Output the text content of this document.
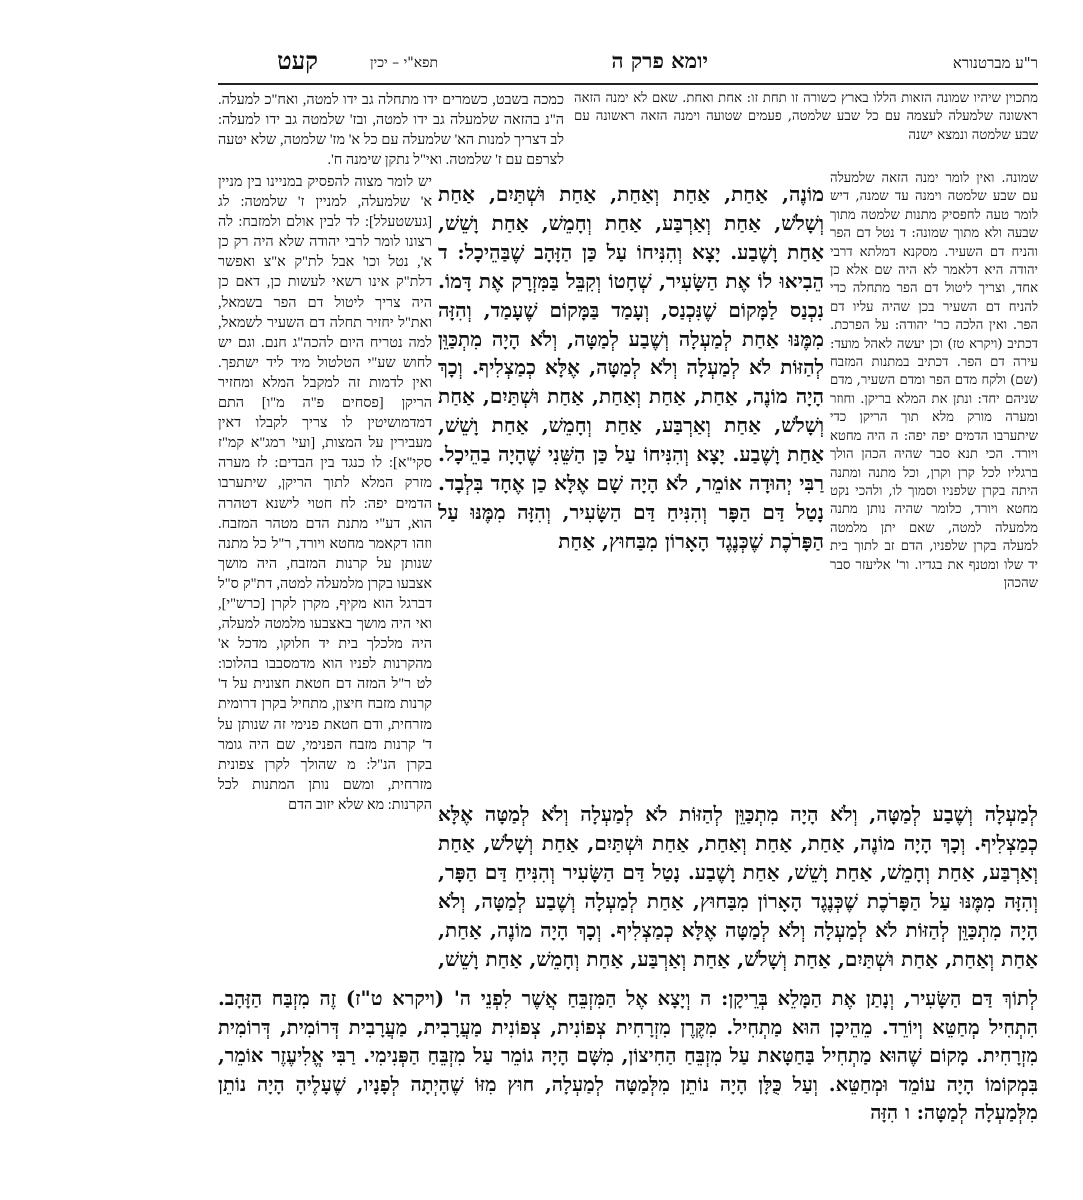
ר"ע מברטנורא
יומא פרק ה
תפא"י – יכין
קעט

מתכוין שיהיו שמונה הזאות הללו בארץ כשורה זו תחת זו: אחת ואחת. שאם לא ימנה הזאה ראשונה שלמעלה לעצמה עם כל שבע שלמטה, פעמים שטועה וימנה הזאה ראשונה עם שבע שלמטה ונמצא ישנה

שמונה. ואין לומר ימנה הזאה שלמעלה עם שבע שלמטה וימנה עד שמנה, דיש לומר טעה לחפסיק מתנות שלמטה מתוך שבעה ולא מתוך שמונה: ד נטל דם הפר והניח דם השעיר. מסקנא דמלתא דרבי יהודה היא דלאמר לא היה שם אלא כן אחד, וצריך ליטול דם הפר מתחלה כדי להניח דם השעיר בכן שהיה עליו דם הפר. ואין הלכה כר' יהודה: על הפרכת. דכתיב (ויקרא טז) וכן יעשה לאהל מועד: עירה דם הפר. דכתיב במתנות המזבח (שם) ולקח מדם הפר ומדם השעיר, מדם שניהם יחד: ונתן את המלא בריקן. וחוזר ומערה מורק מלא תוך הריקן כדי שיתערבו הדמים יפה יפה: ה היה מחטא ויורד. הכי תנא סבר שהיה הכהן הולך ברגליו לכל קרן וקרן, וכל מתנה ומתנה היתה בקרן שלפניו וסמוך לו, ולהכי נקט מחטא ויורד, כלומר שהיה נותן מתנה מלמעלה למטה, שאם יתן מלמטה למעלה בקרן שלפניו, הדם זב לתוך בית יד שלו ומטנף את בגדיו. ור' אליעזר סבר שהכהן

כמכה בשבט, כשמרים ידו מתחלה גב ידו למטה, ואח"כ למעלה. ה"נ בהזאה שלמעלה גב ידו למטה, ובז' שלמטה גב ידו למעלה: לב דצריך למנות הא' שלמעלה עם כל א' מז' שלמטה, שלא יטעה לצרפם עם ז' שלמטה. ואי"ל נתקן שימנה ח'.

יש לומר מצוה להפסיק במניינו בין מניין א' שלמעלה, למניין ז' שלמטה: לג [געשטעלל]: לד לבין אולם ולמזבח: לה רצונו לומר לרבי יהודה שלא היה רק כן א', נטל וכו' אבל לת"ק א"צ ואפשר דלת"ק אינו רשאי לעשות כן, דאם כן היה צריך ליטול דם הפר בשמאל, ואת"ל יחזיר תחלה דם השעיר לשמאל, למה נטריח היום להכה"ג חנם. וגם יש לחוש שע"י הטלטול מיד ליד ישתפך. ואין לדמות זה למקבל המלא ומחזיר הריקן [פסחים פ"ה מ"ו] התם דמדמושיטין לו צריך לקבלו דאין מעבירין על המצות, [ועי' רמג"א קמ"ז סקי"א]: לו כנגד בין הבדים: לז מערה מזרק המלא לתוך הריקן, שיתערבו הדמים יפה: לח חטוי לישנא דטהרה הוא, דע"י מתנת הדם מטהר המזבח. וזהו דקאמר מחטא ויורד, ר"ל כל מתנה שנותן על קרנות המזבח, היה מושך אצבעו בקרן מלמעלה למטה, דת"ק ס"ל דברגל הוא מקיף, מקרן לקרן [כרש"י], ואי היה מושך באצבעו מלמטה למעלה, היה מלכלך בית יד חלוקו, מדכל א' מהקרנות לפניו הוא מדמסבבו בהלוכו: לט ר"ל המזה דם חטאת חצונית על ד' קרנות מזבח חיצון, מתחיל בקרן דרומית מזרחית, ודם חטאת פנימי זה שנותן על ד' קרנות מזבח הפנימי, שם היה גומר בקרן הנ"ל: מ שהולך לקרן צפונית מזרחית, ומשם נותן המתנות לכל הקרנות: מא שלא יזוב הדם

מוֹנֶה, אַחַת, אַחַת וְאַחַת, אַחַת וּשְׁתַּיִם, אַחַת וְשָׁלֹשׁ, אַחַת וְאַרְבַּע, אַחַת וְחָמֵשׁ, אַחַת וָשֵׁשׁ, אַחַת וָשֶׁבַע. יָצָא וְהִנִּיחוֹ עַל כַּן הַזָּהָב שֶׁבַּהֵיכָל: ד הֵבִיאוּ לוֹ אֶת הַשָּׂעִיר, שְׁחָטוֹ וְקִבֵּל בַּמִּזְרָק אֶת דָּמוֹ. נִכְנַס לַמָּקוֹם שֶׁנִּכְנַס, וְעָמַד בַּמָּקוֹם שֶׁעָמַד, וְהִזָּה מִמֶּנּוּ אַחַת לְמַעְלָה וְשֶׁבַע לְמַטָּה, וְלֹא הָיָה מִתְכַּוֵּן לְהַזּוֹת לֹא לְמַעְלָה וְלֹא לְמַטָּה, אֶלָּא כְמַצְלִיף. וְכָךְ הָיָה מוֹנֶה, אַחַת, אַחַת וְאַחַת, אַחַת וּשְׁתַּיִם, אַחַת וְשָׁלֹשׁ, אַחַת וְאַרְבַּע, אַחַת וְחָמֵשׁ, אַחַת וָשֵׁשׁ, אַחַת וָשֶׁבַע. יָצָא וְהִנִּיחוֹ עַל כַּן הַשֵּׁנִי שֶׁהָיָה בַהֵיכָל. רַבִּי יְהוּדָה אוֹמֵר, לֹא הָיָה שָׁם אֶלָּא כַן אֶחָד בִּלְבָד. נָטַל דַּם הַפָּר וְהִנִּיחַ דַּם הַשָּׂעִיר, וְהִזָּה מִמֶּנּוּ עַל הַפָּרֹכֶת שֶׁכְּנֶגֶד הָאָרוֹן מִבַּחוּץ, אַחַת

לְמַעְלָה וְשֶׁבַע לְמַטָּה, וְלֹא הָיָה מִתְכַּוֵּן לְהַזּוֹת לֹא לְמַעְלָה וְלֹא לְמַטָּה אֶלָּא כְמַצְלִיף. וְכָךְ הָיָה מוֹנֶה, אַחַת, אַחַת וְאַחַת, אַחַת וּשְׁתַּיִם, אַחַת וְשָׁלֹשׁ, אַחַת וְאַרְבַּע, אַחַת וְחָמֵשׁ, אַחַת וָשֵׁשׁ, אַחַת וָשֶׁבַע. נָטַל דַּם הַשָּׂעִיר וְהִנִּיחַ דַּם הַפָּר, וְהִזָּה מִמֶּנּוּ עַל הַפָּרֹכֶת שֶׁכְּנֶגֶד הָאָרוֹן מִבַּחוּץ, אַחַת לְמַעְלָה וְשֶׁבַע לְמַטָּה, וְלֹא הָיָה מִתְכַּוֵּן לְהַזּוֹת לֹא לְמַעְלָה וְלֹא לְמַטָּה אֶלָּא כְמַצְלִיף. וְכָךְ הָיָה מוֹנֶה, אַחַת, אַחַת וְאַחַת, אַחַת וּשְׁתַּיִם, אַחַת וְשָׁלֹשׁ, אַחַת וְאַרְבַּע, אַחַת וְחָמֵשׁ, אַחַת וָשֵׁשׁ,

לְתוֹךְ דַּם הַשָּׂעִיר, וְנָתַן אֶת הַמָּלֵא בְּרֵיקָן: ה וְיָצָא אֶל הַמִּזְבֵּחַ אֲשֶׁר לִפְנֵי ה' (ויקרא ט"ז) זֶה מִזְבַּח הַזָּהָב. הִתְחִיל מְחַטֵּא וְיוֹרֵד. מֵהֵיכָן הוּא מַתְחִיל. מִקֶּרֶן מִזְרָחִית צְפוֹנִית, צְפוֹנִית מַעֲרָבִית, מַעֲרָבִית דְּרוֹמִית, דְּרוֹמִית מִזְרָחִית. מָקוֹם שֶׁהוּא מַתְחִיל בַּחַטָּאת עַל מִזְבֵּחַ הַחִיצוֹן, מִשָּׁם הָיָה גוֹמֵר עַל מִזְבֵּחַ הַפְּנִימִי. רַבִּי אֱלִיעֶזֶר אוֹמֵר, בִּמְקוֹמוֹ הָיָה עוֹמֵד וּמְחַטֵּא. וְעַל כֻּלָּן הָיָה נוֹתֵן מִלְּמַטָּה לְמַעְלָה, חוּץ מִזּוֹ שֶׁהָיְתָה לְפָנָיו, שֶׁעָלֶיהָ הָיָה נוֹתֵן מִלְּמַעְלָה לְמַטָּה: ו הִזָּה
